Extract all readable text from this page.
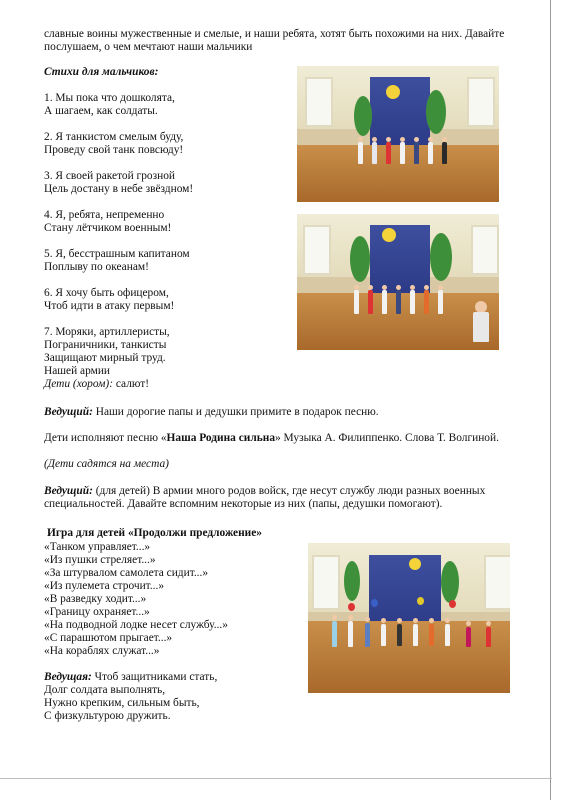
славные воины мужественные и смелые, и наши ребята, хотят быть похожими на них. Давайте
послушаем, о чем мечтают наши мальчики
Стихи для мальчиков:
1. Мы пока что дошколята,
А шагаем, как солдаты.
2. Я танкистом смелым буду,
Проведу свой танк повсюду!
3. Я своей ракетой грозной
Цель достану в небе звёздном!
4. Я, ребята, непременно
Стану лётчиком военным!
5. Я, бесстрашным капитаном
Поплыву по океанам!
6. Я хочу быть офицером,
Чтоб идти в атаку первым!
7. Моряки, артиллеристы,
Пограничники, танкисты
Защищают мирный труд.
Нашей армии
Дети (хором): салют!
Ведущий: Наши дорогие папы и дедушки примите в подарок песню.
Дети исполняют песню «Наша Родина сильна» Музыка А. Филиппенко. Слова Т. Волгиной.
(Дети садятся на места)
Ведущий: (для детей) В армии много родов войск, где несут службу люди разных военных специальностей. Давайте вспомним некоторые из них (папы, дедушки помогают).
Игра для детей «Продолжи предложение»
«Танком управляет...»
«Из пушки стреляет...»
«За штурвалом самолета сидит...»
«Из пулемета строчит...»
«В разведку ходит...»
«Границу охраняет...»
«На подводной лодке несет службу...»
«С парашютом прыгает...»
«На кораблях служат...»
Ведущая: Чтоб защитниками стать,
Долг солдата выполнять,
Нужно крепким, сильным быть,
С физкультурою дружить.
